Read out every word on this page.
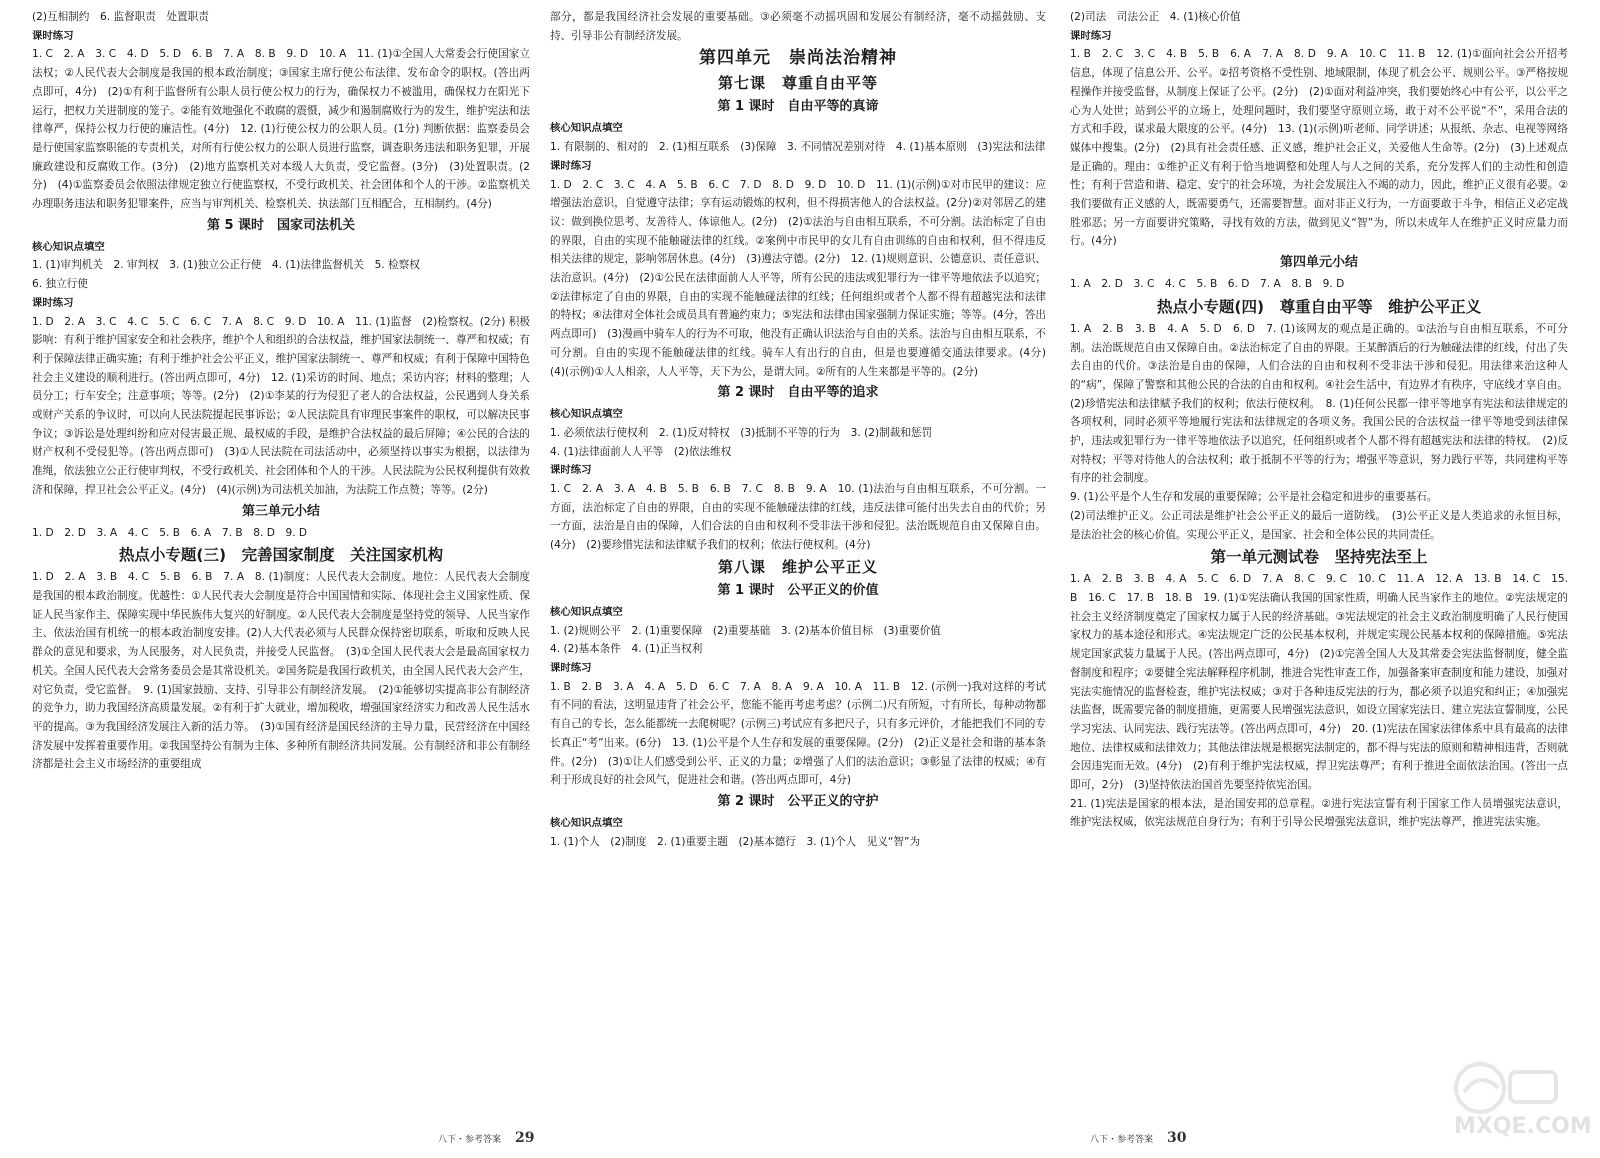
(2)互相制约　6. 监督职责　处置职责

课时练习

1. C　2. A　3. C　4. D　5. D　6. B　7. A　8. B　9. D　10. A　11. (1)①全国人大常委会行使国家立法权；②人民代表大会制度是我国的根本政治制度；③国家主席行使公布法律、发布命令的职权。(答出两点即可，4分)　(2)①有利于监督所有公职人员行使公权力的行为，确保权力不被滥用，确保权力在阳光下运行，把权力关进制度的笼子。②能有效地强化不敢腐的震慑，减少和遏制腐败行为的发生，维护宪法和法律尊严，保持公权力行使的廉洁性。(4分)　12. (1)行使公权力的公职人员。(1分) 判断依据：监察委员会是行使国家监察职能的专责机关，对所有行使公权力的公职人员进行监察，调查职务违法和职务犯罪，开展廉政建设和反腐败工作。(3分)　(2)地方监察机关对本级人大负责，受它监督。(3分)　(3)处置职责。(2分)　(4)①监察委员会依照法律规定独立行使监察权，不受行政机关、社会团体和个人的干涉。②监察机关办理职务违法和职务犯罪案件，应当与审判机关、检察机关、执法部门互相配合，互相制约。(4分)

第 5 课时　国家司法机关

核心知识点填空

1. (1)审判机关　2. 审判权　3. (1)独立公正行使　4. (1)法律监督机关　5. 检察权

6. 独立行使

课时练习

1. D　2. A　3. C　4. C　5. C　6. C　7. A　8. C　9. D　10. A　11. (1)监督　(2)检察权。(2分) 积极影响：有利于维护国家安全和社会秩序，维护个人和组织的合法权益，维护国家法制统一、尊严和权威；有利于保障法律正确实施；有利于维护社会公平正义，维护国家法制统一、尊严和权威；有利于保障中国特色社会主义建设的顺利进行。(答出两点即可，4分)　12. (1)采访的时间、地点；采访内容；材料的整理；人员分工；行车安全；注意事项；等等。(2分)　(2)①李某的行为侵犯了老人的合法权益，公民遇到人身关系或财产关系的争议时，可以向人民法院提起民事诉讼；②人民法院具有审理民事案件的职权，可以解决民事争议；③诉讼是处理纠纷和应对侵害最正规、最权威的手段，是维护合法权益的最后屏障；④公民的合法的财产权利不受侵犯等。(答出两点即可)　(3)①人民法院在司法活动中，必须坚持以事实为根据，以法律为准绳，依法独立公正行使审判权，不受行政机关、社会团体和个人的干涉。人民法院为公民权利提供有效救济和保障，捍卫社会公平正义。(4分)　(4)(示例)为司法机关加油，为法院工作点赞；等等。(2分)

第三单元小结

1. D　2. D　3. A　4. C　5. B　6. A　7. B　8. D　9. D

热点小专题(三)　完善国家制度　关注国家机构

1. D　2. A　3. B　4. C　5. B　6. B　7. A　8. (1)制度：人民代表大会制度。地位：人民代表大会制度是我国的根本政治制度。优越性：①人民代表大会制度是符合中国国情和实际、体现社会主义国家性质、保证人民当家作主、保障实现中华民族伟大复兴的好制度。②人民代表大会制度是坚持党的领导、人民当家作主、依法治国有机统一的根本政治制度安排。(2)人大代表必须与人民群众保持密切联系，听取和反映人民群众的意见和要求，为人民服务，对人民负责，并接受人民监督。　(3)①全国人民代表大会是最高国家权力机关。全国人民代表大会常务委员会是其常设机关。②国务院是我国行政机关，由全国人民代表大会产生，对它负责，受它监督。　9. (1)国家鼓励、支持、引导非公有制经济发展。　(2)①能够切实提高非公有制经济的竞争力，助力我国经济高质量发展。②有利于扩大就业，增加税收，增强国家经济实力和改善人民生活水平的提高。③为我国经济发展注入新的活力等。　(3)①国有经济是国民经济的主导力量，民营经济在中国经济发展中发挥着重要作用。②我国坚持公有制为主体、多种所有制经济共同发展。公有制经济和非公有制经济都是社会主义市场经济的重要组成

部分，都是我国经济社会发展的重要基础。③必须毫不动摇巩固和发展公有制经济，毫不动摇鼓励、支持、引导非公有制经济发展。

第四单元　崇尚法治精神

第七课　尊重自由平等

第 1 课时　自由平等的真谛

核心知识点填空

1. 有限制的、相对的　2. (1)相互联系　(3)保障　3. 不同情况差别对待　4. (1)基本原则　(3)宪法和法律

课时练习

1. D　2. C　3. C　4. A　5. B　6. C　7. D　8. D　9. D　10. D　11. (1)(示例)①对市民甲的建议：应增强法治意识，自觉遵守法律；享有运动锻炼的权利，但不得损害他人的合法权益。(2分)②对邻居乙的建议：做到换位思考、友善待人、体谅他人。(2分)　(2)①法治与自由相互联系，不可分割。法治标定了自由的界限，自由的实现不能触碰法律的红线。②案例中市民甲的女儿有自由训练的自由和权利，但不得违反相关法律的规定，影响邻居休息。(4分)　(3)遵法守德。(2分)　12. (1)规则意识、公德意识、责任意识、法治意识。(4分)　(2)①公民在法律面前人人平等，所有公民的违法或犯罪行为一律平等地依法予以追究；②法律标定了自由的界限，自由的实现不能触碰法律的红线；任何组织或者个人都不得有超越宪法和法律的特权；④法律对全体社会成员具有普遍约束力；⑤宪法和法律由国家强制力保证实施；等等。(4分，答出两点即可)　(3)漫画中骑车人的行为不可取，他没有正确认识法治与自由的关系。法治与自由相互联系，不可分割。自由的实现不能触碰法律的红线。骑车人有出行的自由，但是也要遵循交通法律要求。(4分)　(4)(示例)①人人相亲，人人平等，天下为公，是谓大同。②所有的人生来都是平等的。(2分)

第 2 课时　自由平等的追求

核心知识点填空

1. 必须依法行使权利　2. (1)反对特权　(3)抵制不平等的行为　3. (2)制裁和惩罚

4. (1)法律面前人人平等　(2)依法维权

课时练习

1. C　2. A　3. A　4. B　5. B　6. B　7. C　8. B　9. A　10. (1)法治与自由相互联系，不可分割。一方面，法治标定了自由的界限，自由的实现不能触碰法律的红线，违反法律可能付出失去自由的代价；另一方面，法治是自由的保障，人们合法的自由和权利不受非法干涉和侵犯。法治既规范自由又保障自由。(4分)　(2)要珍惜宪法和法律赋予我们的权利；依法行使权利。(4分)

第八课　维护公平正义

第 1 课时　公平正义的价值

核心知识点填空

1. (2)规则公平　2. (1)重要保障　(2)重要基础　3. (2)基本价值目标　(3)重要价值

4. (2)基本条件　4. (1)正当权利

课时练习

1. B　2. B　3. A　4. A　5. D　6. C　7. A　8. A　9. A　10. A　11. B　12. (示例一)我对这样的考试有不同的看法，这明显违背了社会公平，您能不能再考虑考虑？(示例二)尺有所短，寸有所长，每种动物都有自己的专长，怎么能都统一去爬树呢？(示例三)考试应有多把尺子，只有多元评价，才能把我们不同的专长真正“考”出来。(6分)　13. (1)公平是个人生存和发展的重要保障。(2分)　(2)正义是社会和谐的基本条件。(2分)　(3)①让人们感受到公平、正义的力量；②增强了人们的法治意识；③彰显了法律的权威；④有利于形成良好的社会风气，促进社会和谐。(答出两点即可，4分)

第 2 课时　公平正义的守护

核心知识点填空

1. (1)个人　(2)制度　2. (1)重要主题　(2)基本德行　3. (1)个人　见义“智”为

(2)司法　司法公正　4. (1)核心价值

课时练习

1. B　2. C　3. C　4. B　5. B　6. A　7. A　8. D　9. A　10. C　11. B　12. (1)①面向社会公开招考信息，体现了信息公开、公平。②招考资格不受性别、地域限制，体现了机会公平、规则公平。③严格按规程操作并接受监督，从制度上保证了公平。(2分)　(2)①面对利益冲突，我们要始终心中有公平，以公平之心为人处世；站到公平的立场上，处理问题时，我们要坚守原则立场，敢于对不公平说“不”，采用合法的方式和手段，谋求最大限度的公平。(4分)　13. (1)(示例)听老师、同学讲述；从报纸、杂志、电视等网络媒体中搜集。(2分)　(2)具有社会责任感、正义感，维护社会正义，关爱他人生命等。(2分)　(3)上述观点是正确的。理由：①维护正义有利于恰当地调整和处理人与人之间的关系，充分发挥人们的主动性和创造性；有利于营造和谐、稳定、安宁的社会环境，为社会发展注入不竭的动力，因此，维护正义很有必要。②我们要做有正义感的人，既需要勇气，还需要智慧。面对非正义行为，一方面要敢于斗争，相信正义必定战胜邪恶；另一方面要讲究策略，寻找有效的方法，做到见义“智”为，所以未成年人在维护正义时应量力而行。(4分)

第四单元小结

1. A　2. D　3. C　4. C　5. B　6. D　7. A　8. B　9. D

热点小专题(四)　尊重自由平等　维护公平正义

1. A　2. B　3. B　4. A　5. D　6. D　7. (1)该网友的观点是正确的。①法治与自由相互联系，不可分割。法治既规范自由又保障自由。②法治标定了自由的界限。王某醉酒后的行为触碰法律的红线，付出了失去自由的代价。③法治是自由的保障，人们合法的自由和权利不受非法干涉和侵犯。用法律来治这种人的“病”，保障了警察和其他公民的合法的自由和权利。④社会生活中，有边界才有秩序，守底线才享自由。(2)珍惜宪法和法律赋予我们的权利；依法行使权利。　8. (1)任何公民都一律平等地享有宪法和法律规定的各项权利，同时必须平等地履行宪法和法律规定的各项义务。我国公民的合法权益一律平等地受到法律保护，违法或犯罪行为一律平等地依法予以追究，任何组织或者个人都不得有超越宪法和法律的特权。　(2)反对特权；平等对待他人的合法权利；敢于抵制不平等的行为；增强平等意识，努力践行平等，共同建构平等有序的社会制度。

9. (1)公平是个人生存和发展的重要保障；公平是社会稳定和进步的重要基石。

(2)司法维护正义。公正司法是维护社会公平正义的最后一道防线。　(3)公平正义是人类追求的永恒目标，是法治社会的核心价值。实现公平正义，是国家、社会和全体公民的共同责任。

第一单元测试卷　坚持宪法至上

1. A　2. B　3. B　4. A　5. C　6. D　7. A　8. C　9. C　10. C　11. A　12. A　13. B　14. C　15. B　16. C　17. B　18. B　19. (1)①宪法确认我国的国家性质，明确人民当家作主的地位。②宪法规定的社会主义经济制度奠定了国家权力属于人民的经济基础。③宪法规定的社会主义政治制度明确了人民行使国家权力的基本途径和形式。④宪法规定广泛的公民基本权利，并规定实现公民基本权利的保障措施。⑤宪法规定国家武装力量属于人民。(答出两点即可，4分)　(2)①完善全国人大及其常委会宪法监督制度，健全监督制度和程序；②要健全宪法解释程序机制，推进合宪性审查工作，加强备案审查制度和能力建设，加强对宪法实施情况的监督检查，维护宪法权威；③对于各种违反宪法的行为，都必须予以追究和纠正；④加强宪法监督，既需要完备的制度措施，更需要人民增强宪法意识，如设立国家宪法日、建立宪法宣誓制度，公民学习宪法、认同宪法、践行宪法等。(答出两点即可，4分)　20. (1)宪法在国家法律体系中具有最高的法律地位、法律权威和法律效力；其他法律法规是根据宪法制定的，都不得与宪法的原则和精神相违背，否则就会因违宪而无效。(4分)　(2)有利于维护宪法权威，捍卫宪法尊严；有利于推进全面依法治国。(答出一点即可，2分)　(3)坚持依法治国首先要坚持依宪治国。

21. (1)宪法是国家的根本法，是治国安邦的总章程。②进行宪法宣誓有利于国家工作人员增强宪法意识，维护宪法权威，依宪法规范自身行为；有利于引导公民增强宪法意识，维护宪法尊严，推进宪法实施。

八下・参考答案 29	八下・参考答案 30	MXQE.COM
